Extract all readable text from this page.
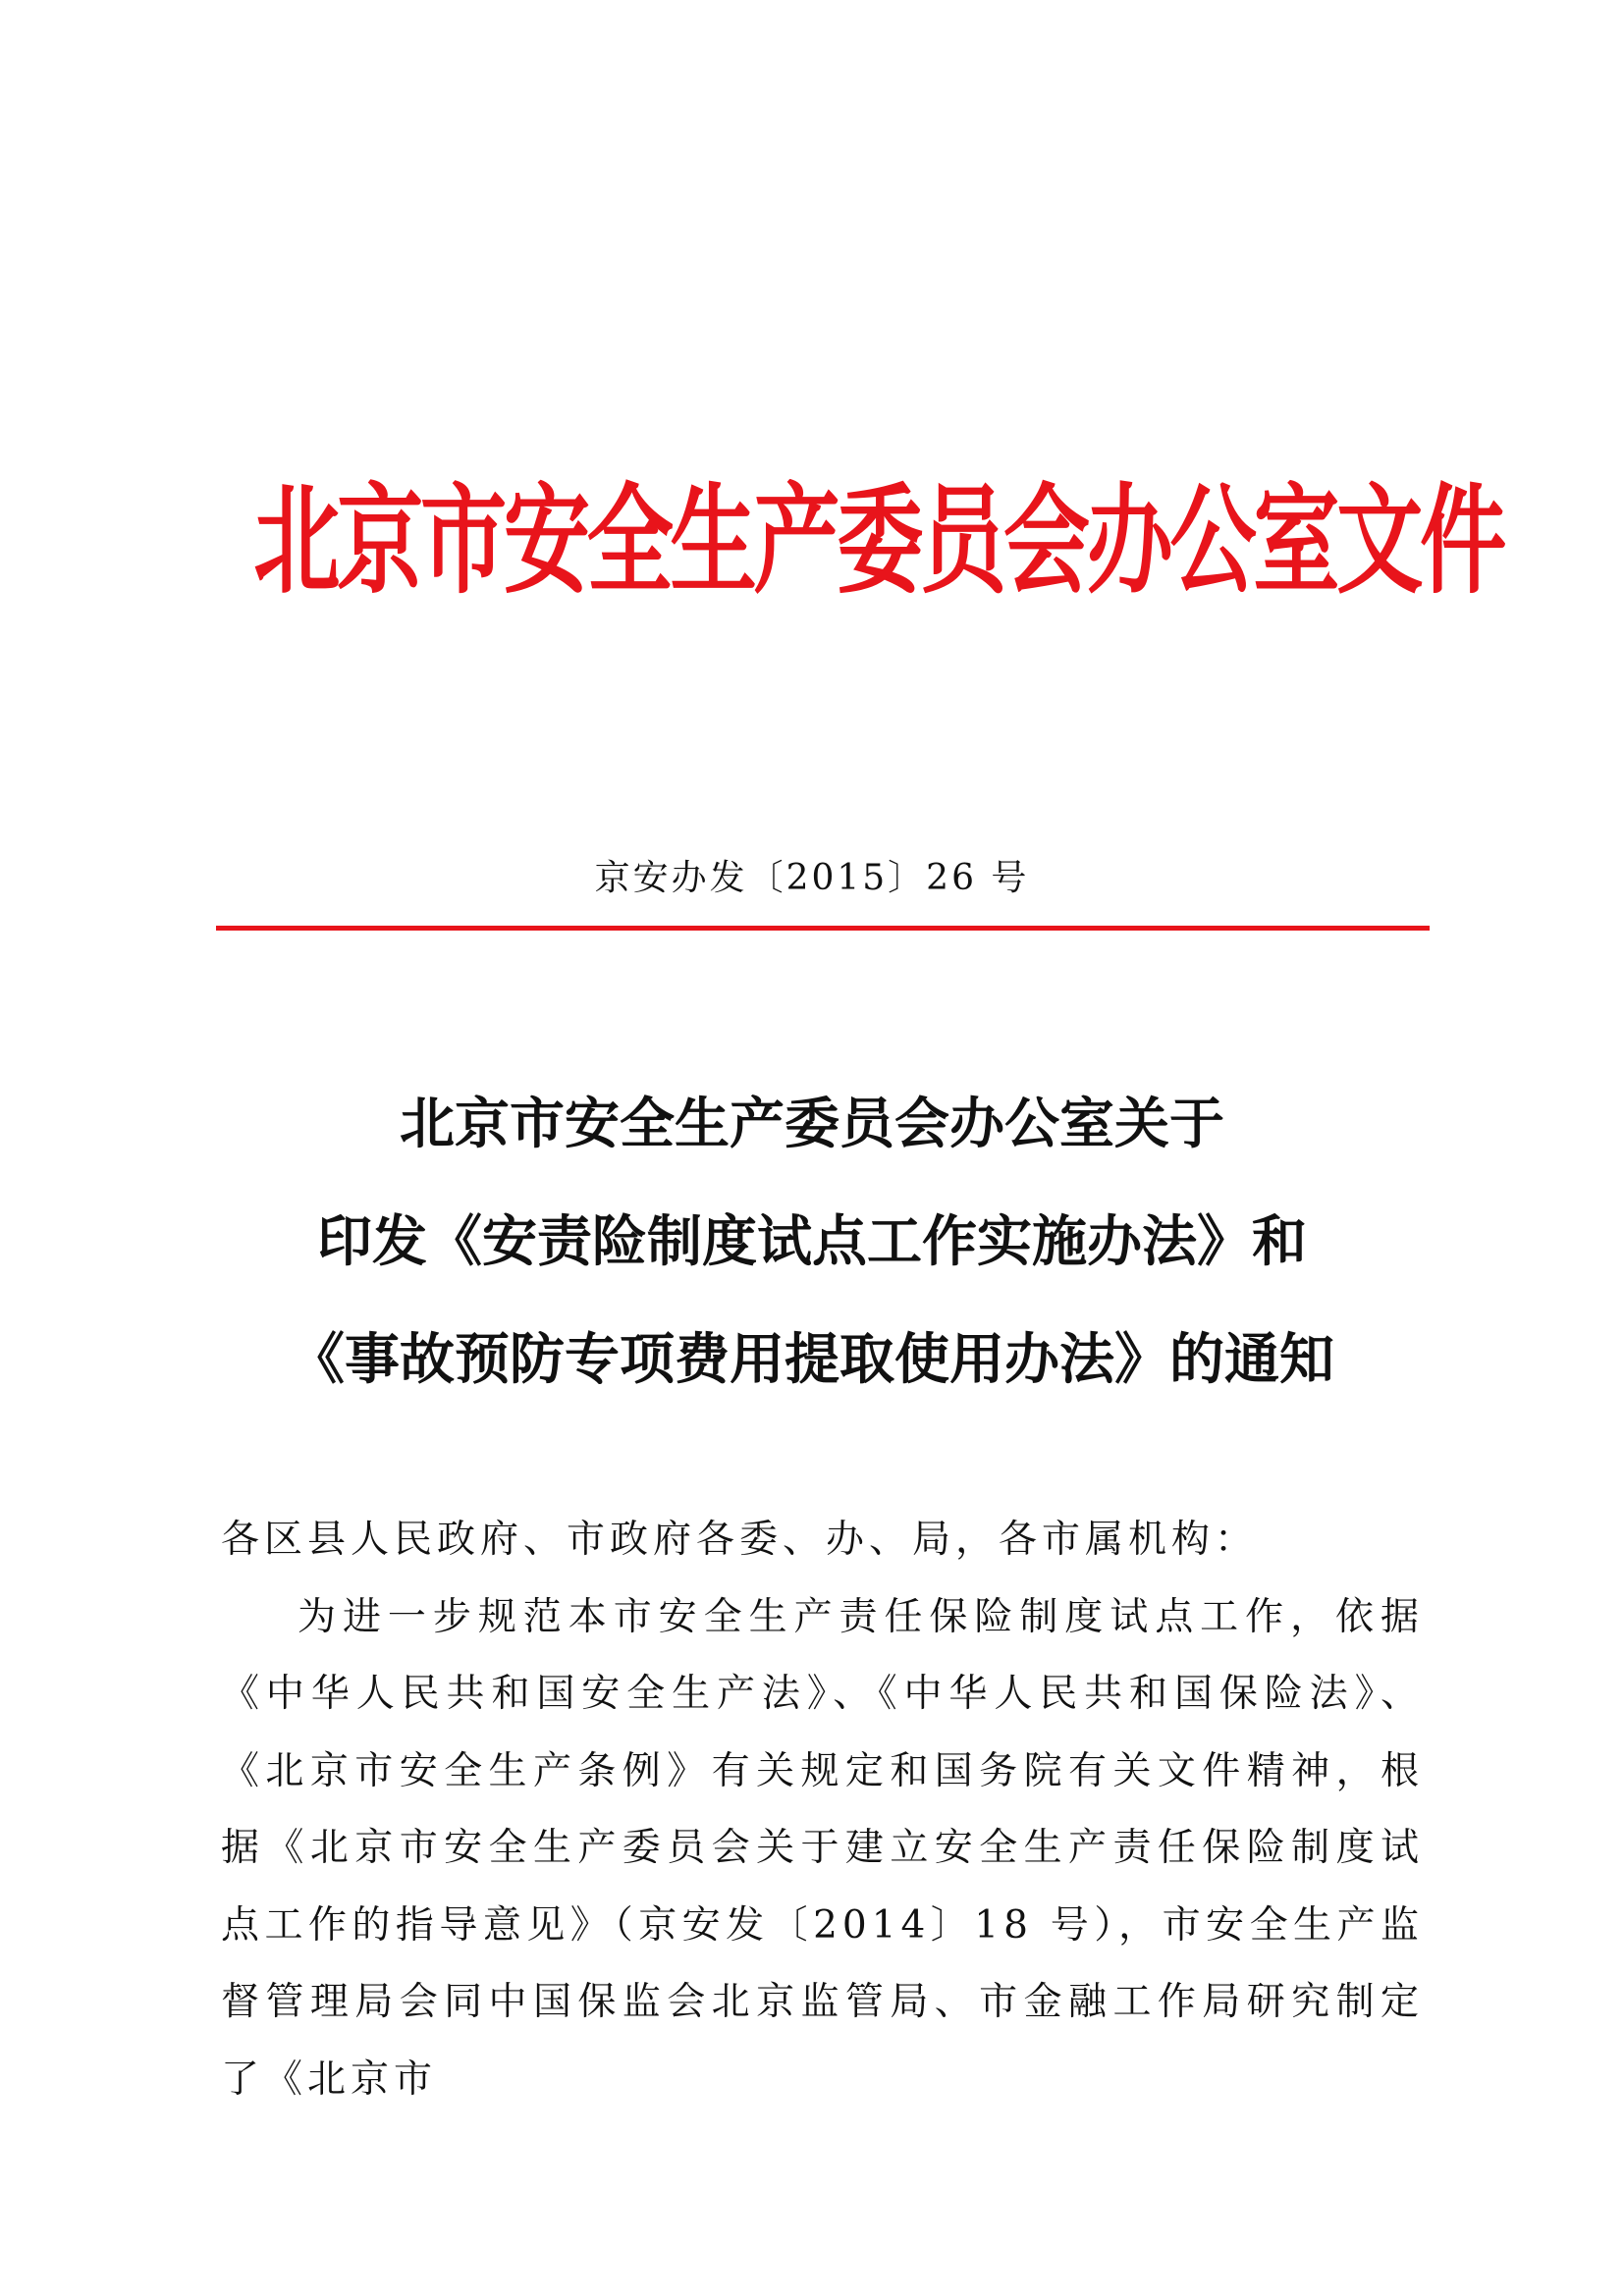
北京市安全生产委员会办公室文件
京安办发〔2015〕26 号
北京市安全生产委员会办公室关于
印发《安责险制度试点工作实施办法》和
《事故预防专项费用提取使用办法》的通知

各区县人民政府、市政府各委、办、局，各市属机构：

为进一步规范本市安全生产责任保险制度试点工作，依据《中华人民共和国安全生产法》、《中华人民共和国保险法》、《北京市安全生产条例》有关规定和国务院有关文件精神，根据《北京市安全生产委员会关于建立安全生产责任保险制度试点工作的指导意见》（京安发〔2014〕18 号），市安全生产监督管理局会同中国保监会北京监管局、市金融工作局研究制定了《北京市
